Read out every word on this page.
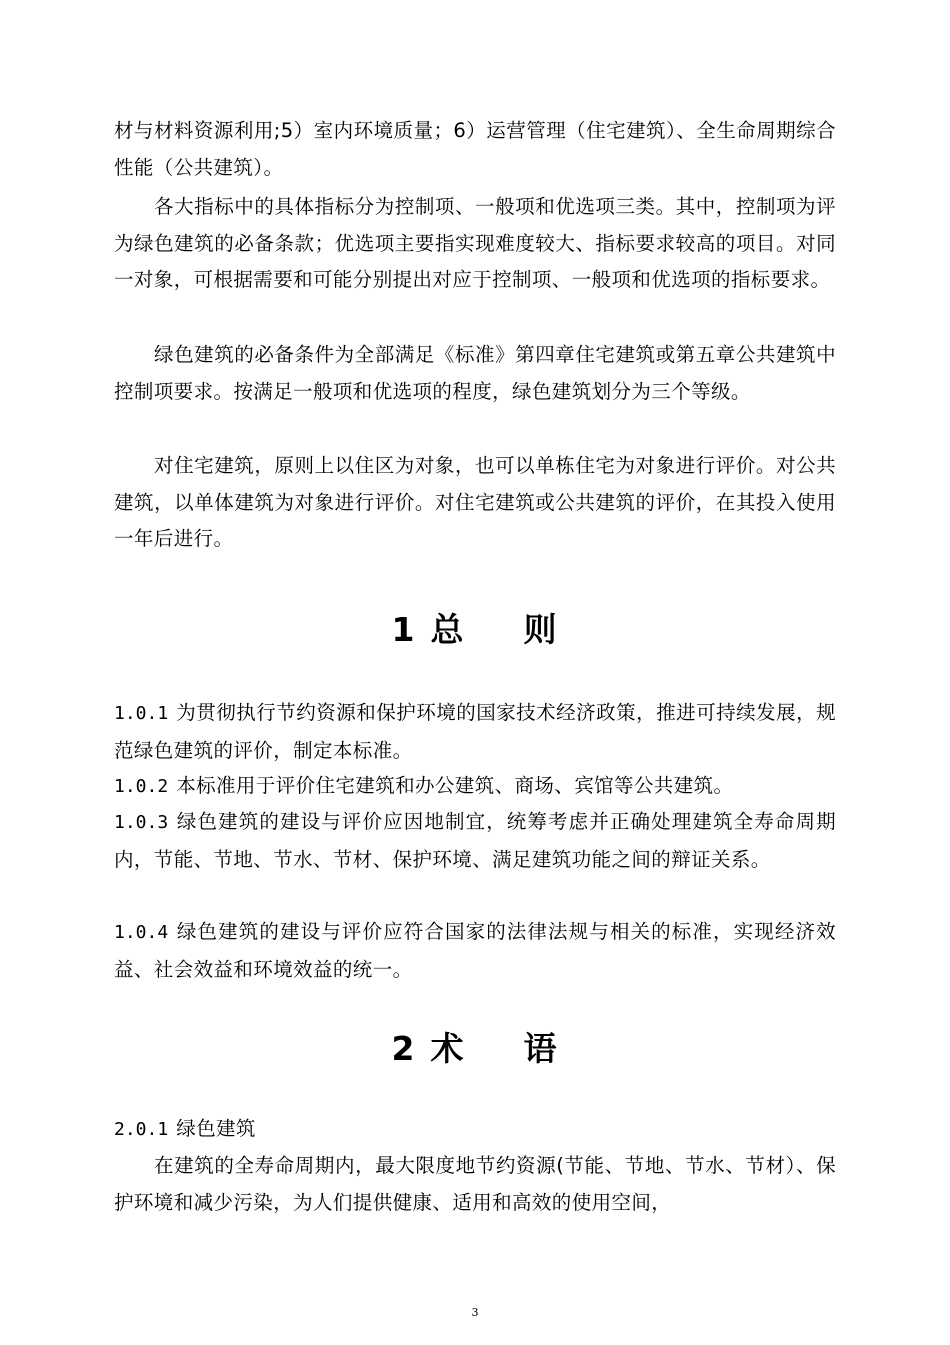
材与材料资源利用;5）室内环境质量；6）运营管理（住宅建筑）、全生命周期综合性能（公共建筑）。

各大指标中的具体指标分为控制项、一般项和优选项三类。其中，控制项为评为绿色建筑的必备条款；优选项主要指实现难度较大、指标要求较高的项目。对同一对象，可根据需要和可能分别提出对应于控制项、一般项和优选项的指标要求。

绿色建筑的必备条件为全部满足《标准》第四章住宅建筑或第五章公共建筑中控制项要求。按满足一般项和优选项的程度，绿色建筑划分为三个等级。

对住宅建筑，原则上以住区为对象，也可以单栋住宅为对象进行评价。对公共建筑，以单体建筑为对象进行评价。对住宅建筑或公共建筑的评价，在其投入使用一年后进行。

1 总 则

1.0.1 为贯彻执行节约资源和保护环境的国家技术经济政策，推进可持续发展，规范绿色建筑的评价，制定本标准。

1.0.2 本标准用于评价住宅建筑和办公建筑、商场、宾馆等公共建筑。

1.0.3 绿色建筑的建设与评价应因地制宜，统筹考虑并正确处理建筑全寿命周期内，节能、节地、节水、节材、保护环境、满足建筑功能之间的辩证关系。

1.0.4 绿色建筑的建设与评价应符合国家的法律法规与相关的标准，实现经济效益、社会效益和环境效益的统一。

2 术 语

2.0.1 绿色建筑

在建筑的全寿命周期内，最大限度地节约资源(节能、节地、节水、节材）、保护环境和减少污染，为人们提供健康、适用和高效的使用空间，

3
